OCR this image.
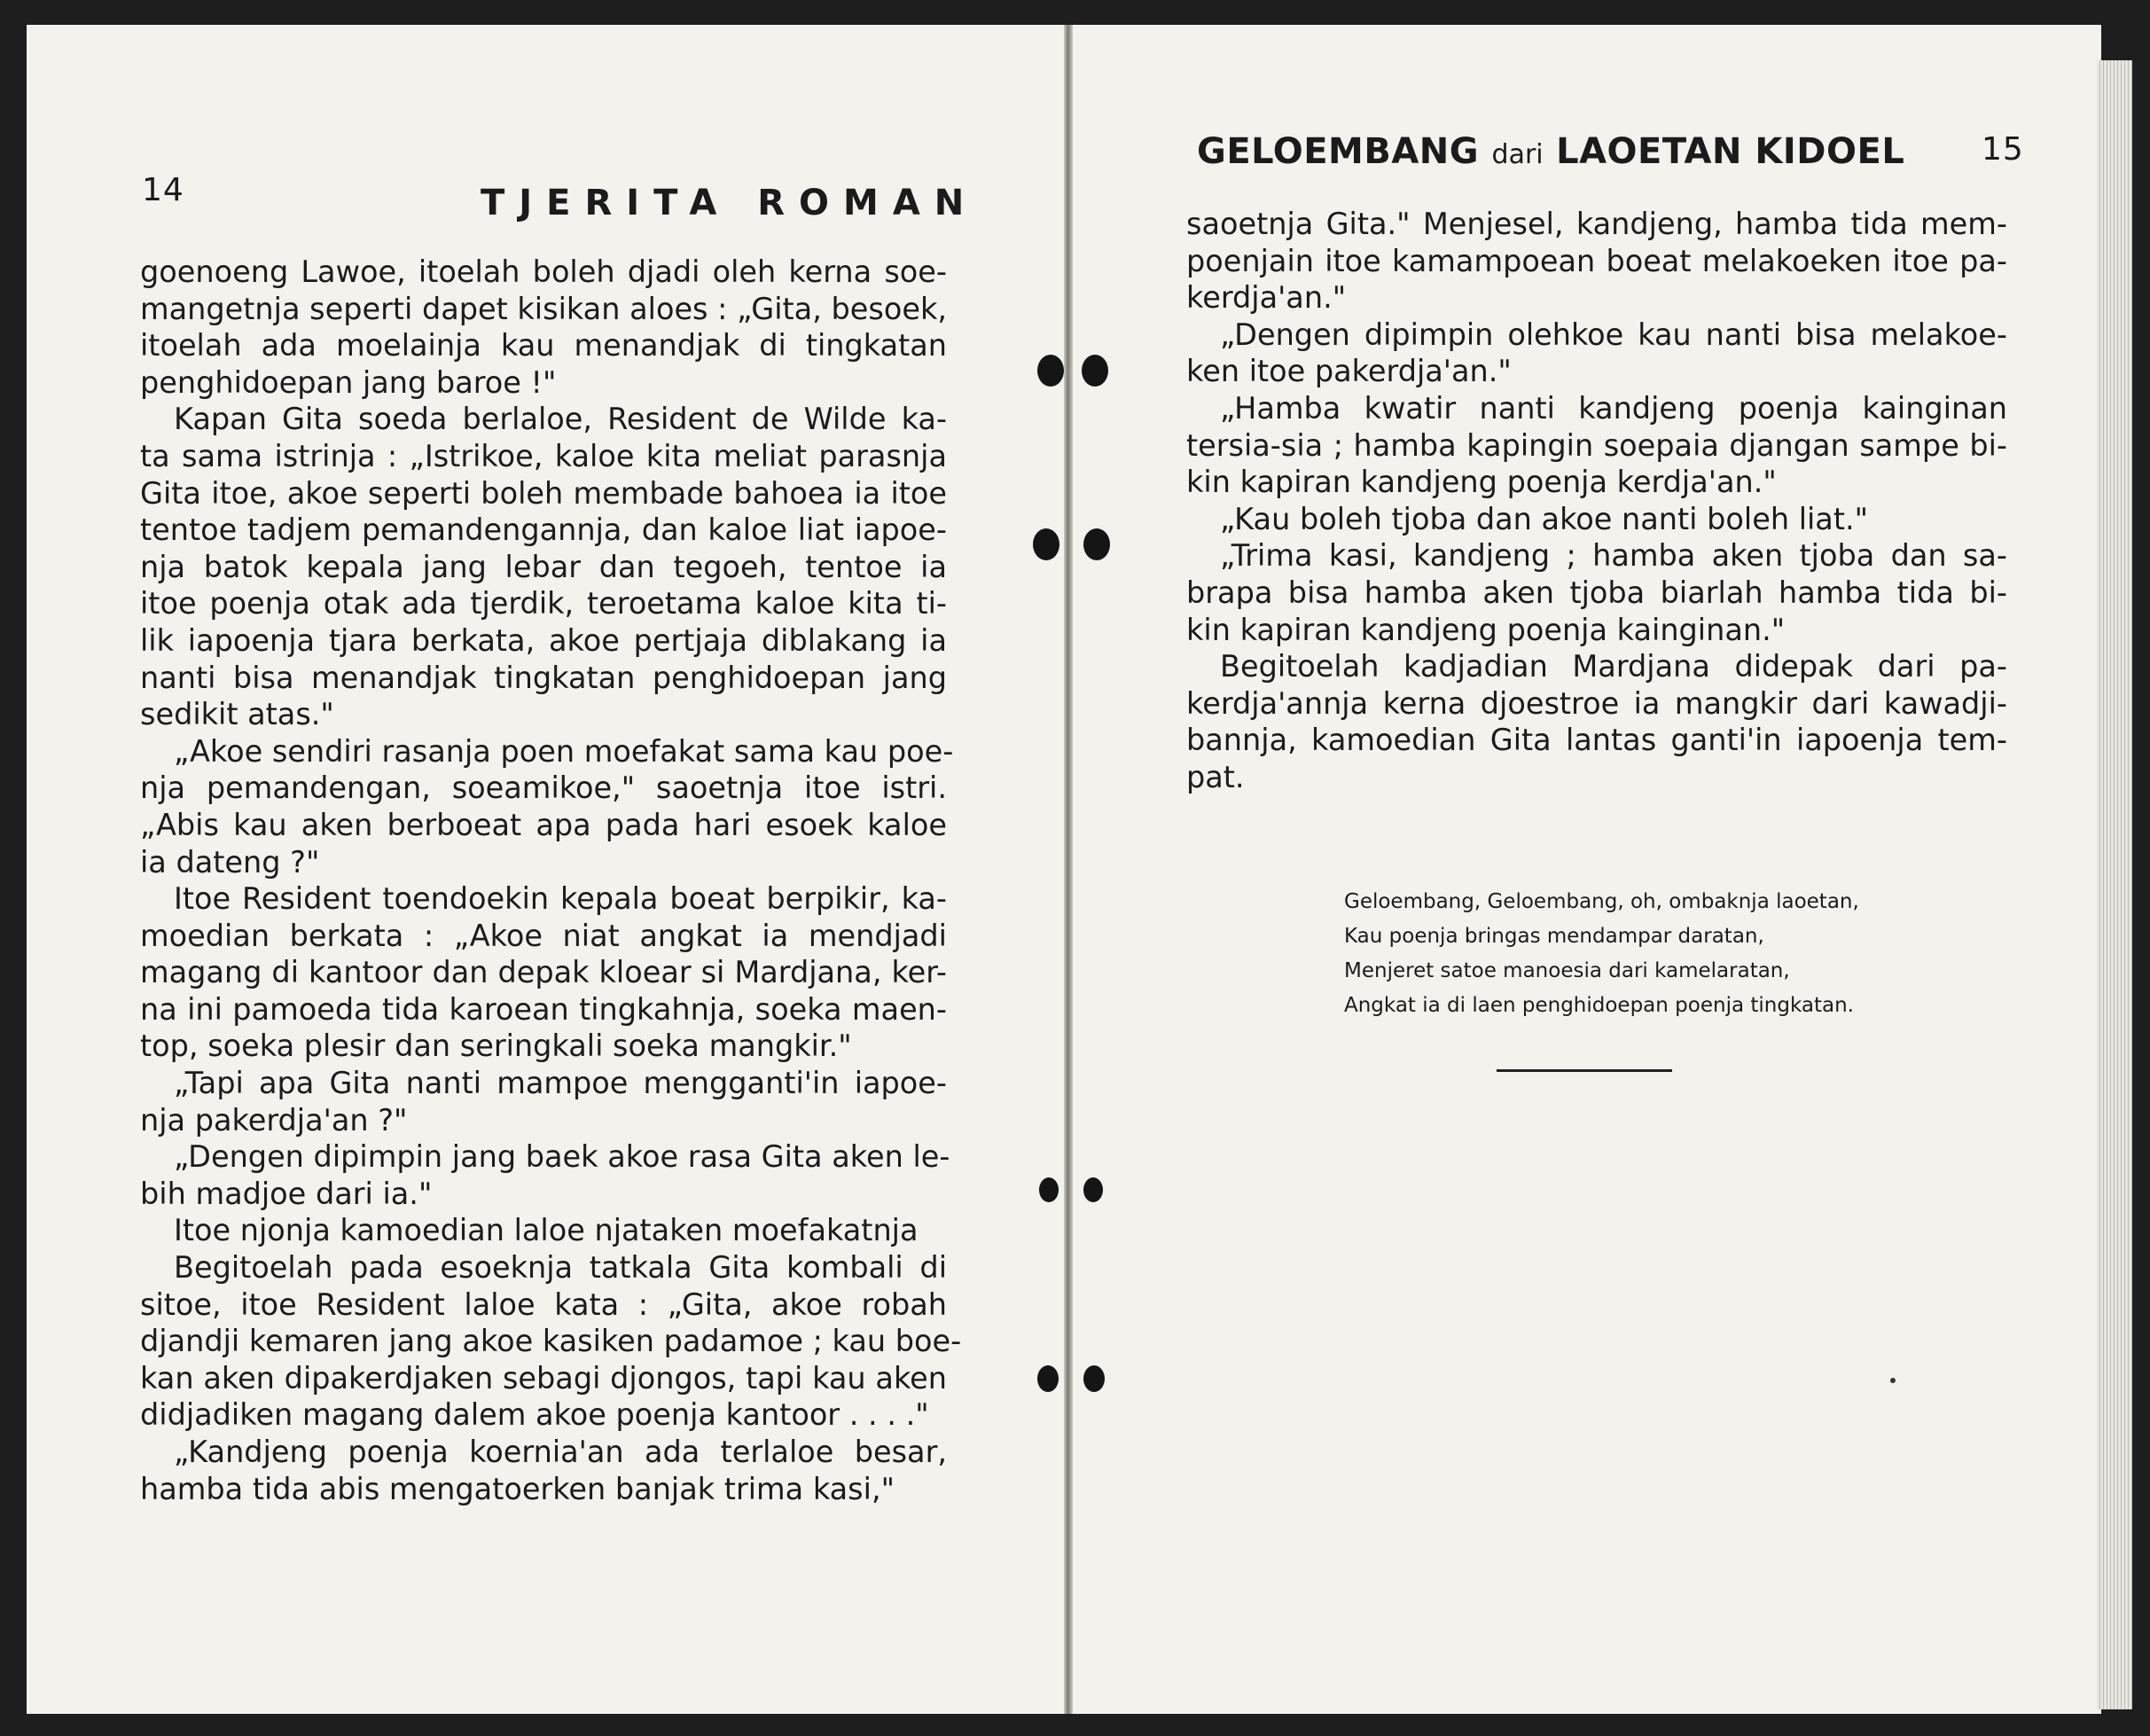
14	TJERITA ROMAN
goenoeng Lawoe, itoelah boleh djadi oleh kerna soe-
mangetnja seperti dapet kisikan aloes : „Gita, besoek,
itoelah ada moelainja kau menandjak di tingkatan
penghidoepan jang baroe !"
Kapan Gita soeda berlaloe, Resident de Wilde ka-
ta sama istrinja : „Istrikoe, kaloe kita meliat parasnja
Gita itoe, akoe seperti boleh membade bahoea ia itoe
tentoe tadjem pemandengannja, dan kaloe liat iapoe-
nja batok kepala jang lebar dan tegoeh, tentoe ia
itoe poenja otak ada tjerdik, teroetama kaloe kita ti-
lik iapoenja tjara berkata, akoe pertjaja diblakang ia
nanti bisa menandjak tingkatan penghidoepan jang
sedikit atas."
„Akoe sendiri rasanja poen moefakat sama kau poe-
nja pemandengan, soeamikoe," saoetnja itoe istri.
„Abis kau aken berboeat apa pada hari esoek kaloe
ia dateng ?"
Itoe Resident toendoekin kepala boeat berpikir, ka-
moedian berkata : „Akoe niat angkat ia mendjadi
magang di kantoor dan depak kloear si Mardjana, ker-
na ini pamoeda tida karoean tingkahnja, soeka maen-
top, soeka plesir dan seringkali soeka mangkir."
„Tapi apa Gita nanti mampoe mengganti'in iapoe-
nja pakerdja'an ?"
„Dengen dipimpin jang baek akoe rasa Gita aken le-
bih madjoe dari ia."
Itoe njonja kamoedian laloe njataken moefakatnja
Begitoelah pada esoeknja tatkala Gita kombali di
sitoe, itoe Resident laloe kata : „Gita, akoe robah
djandji kemaren jang akoe kasiken padamoe ; kau boe-
kan aken dipakerdjaken sebagi djongos, tapi kau aken
didjadiken magang dalem akoe poenja kantoor . . . ."
„Kandjeng poenja koernia'an ada terlaloe besar,
hamba tida abis mengatoerken banjak trima kasi,"
GELOEMBANG dari LAOETAN KIDOEL 15
saoetnja Gita." Menjesel, kandjeng, hamba tida mem-
poenjain itoe kamampoean boeat melakoeken itoe pa-
kerdja'an."
„Dengen dipimpin olehkoe kau nanti bisa melakoe-
ken itoe pakerdja'an."
„Hamba kwatir nanti kandjeng poenja kainginan
tersia-sia ; hamba kapingin soepaia djangan sampe bi-
kin kapiran kandjeng poenja kerdja'an."
„Kau boleh tjoba dan akoe nanti boleh liat."
„Trima kasi, kandjeng ; hamba aken tjoba dan sa-
brapa bisa hamba aken tjoba biarlah hamba tida bi-
kin kapiran kandjeng poenja kainginan."
Begitoelah kadjadian Mardjana didepak dari pa-
kerdja'annja kerna djoestroe ia mangkir dari kawadji-
bannja, kamoedian Gita lantas ganti'in iapoenja tem-
pat.
Geloembang, Geloembang, oh, ombaknja laoetan,
Kau poenja bringas mendampar daratan,
Menjeret satoe manoesia dari kamelaratan,
Angkat ia di laen penghidoepan poenja tingkatan.
